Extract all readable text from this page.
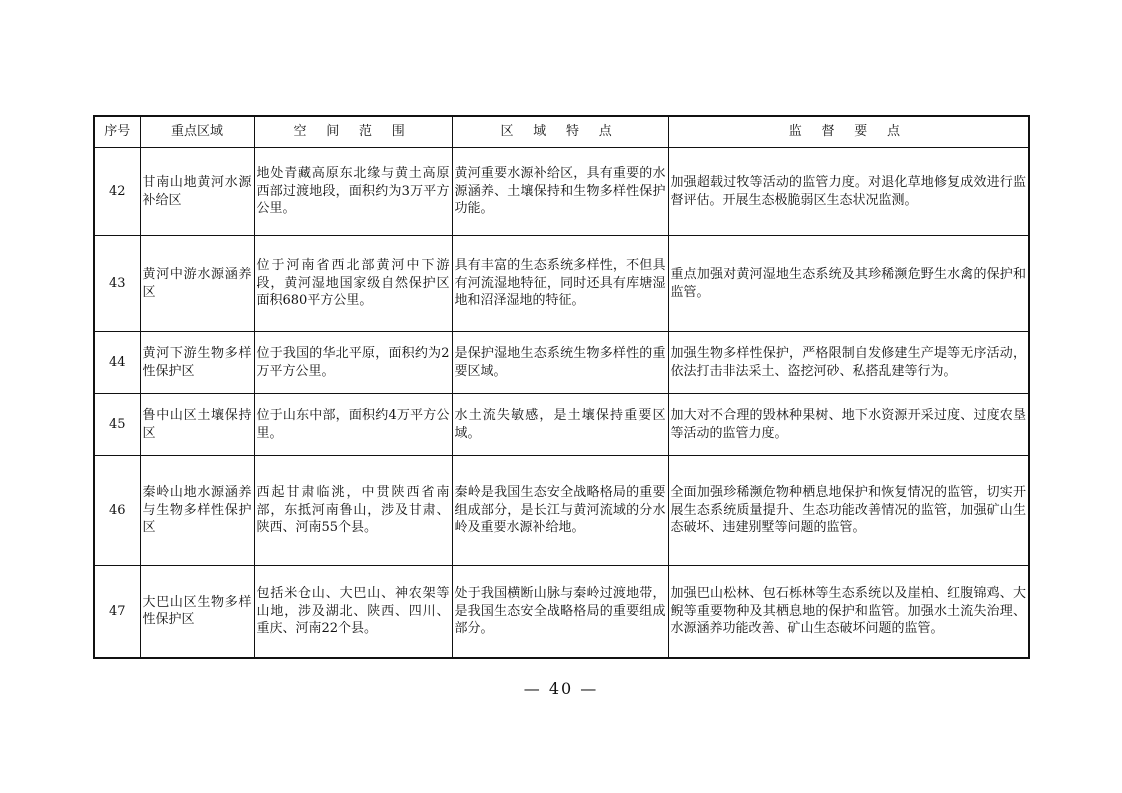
序号	重点区域	空 间 范 围	区 域 特 点	监 督 要 点
42	甘南山地黄河水源补给区	地处青藏高原东北缘与黄土高原西部过渡地段，面积约为3万平方公里。	黄河重要水源补给区，具有重要的水源涵养、土壤保持和生物多样性保护功能。	加强超载过牧等活动的监管力度。对退化草地修复成效进行监督评估。开展生态极脆弱区生态状况监测。
43	黄河中游水源涵养区	位于河南省西北部黄河中下游段，黄河湿地国家级自然保护区面积680平方公里。	具有丰富的生态系统多样性，不但具有河流湿地特征，同时还具有库塘湿地和沼泽湿地的特征。	重点加强对黄河湿地生态系统及其珍稀濒危野生水禽的保护和监管。
44	黄河下游生物多样性保护区	位于我国的华北平原，面积约为2万平方公里。	是保护湿地生态系统生物多样性的重要区域。	加强生物多样性保护，严格限制自发修建生产堤等无序活动，依法打击非法采土、盗挖河砂、私搭乱建等行为。
45	鲁中山区土壤保持区	位于山东中部，面积约4万平方公里。	水土流失敏感，是土壤保持重要区域。	加大对不合理的毁林种果树、地下水资源开采过度、过度农垦等活动的监管力度。
46	秦岭山地水源涵养与生物多样性保护区	西起甘肃临洮，中贯陕西省南部，东抵河南鲁山，涉及甘肃、陕西、河南55个县。	秦岭是我国生态安全战略格局的重要组成部分，是长江与黄河流域的分水岭及重要水源补给地。	全面加强珍稀濒危物种栖息地保护和恢复情况的监管，切实开展生态系统质量提升、生态功能改善情况的监管，加强矿山生态破坏、违建别墅等问题的监管。
47	大巴山区生物多样性保护区	包括米仓山、大巴山、神农架等山地，涉及湖北、陕西、四川、重庆、河南22个县。	处于我国横断山脉与秦岭过渡地带，是我国生态安全战略格局的重要组成部分。	加强巴山松林、包石栎林等生态系统以及崖柏、红腹锦鸡、大鲵等重要物种及其栖息地的保护和监管。加强水土流失治理、水源涵养功能改善、矿山生态破坏问题的监管。
— 40 —
